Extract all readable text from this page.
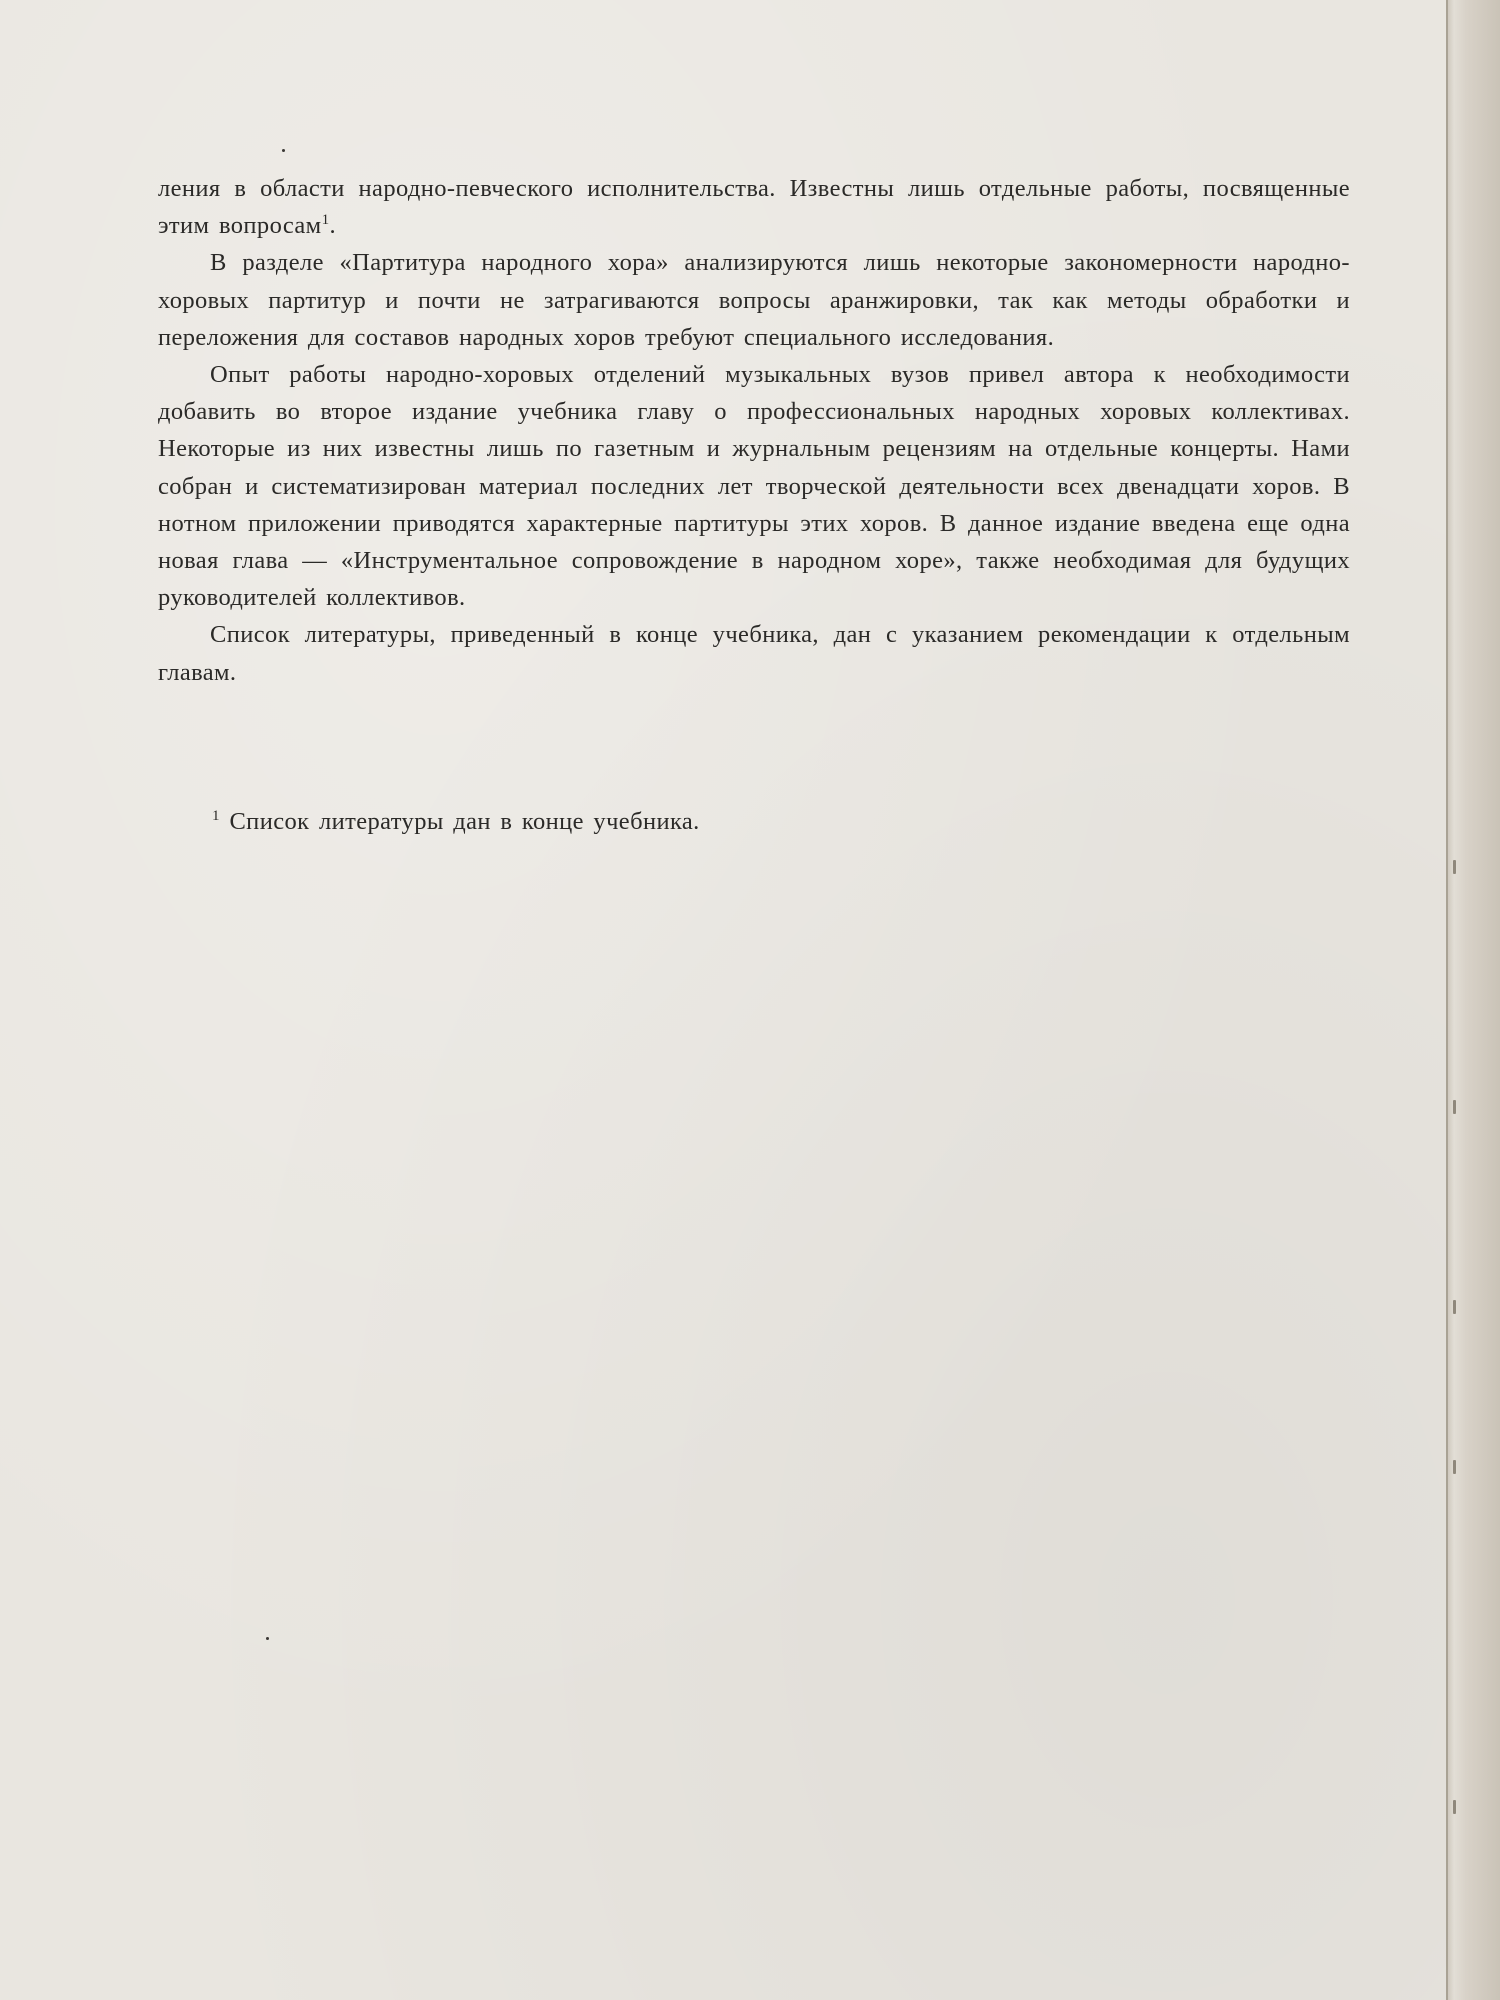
ления в области народно-певческого исполнительства. Известны лишь отдельные работы, посвященные этим вопросам$^1$.

В разделе «Партитура народного хора» анализируются лишь некоторые закономерности народно-хоровых партитур и почти не затрагиваются вопросы аранжировки, так как методы обработки и переложения для составов народных хоров требуют специального исследования.

Опыт работы народно-хоровых отделений музыкальных вузов привел автора к необходимости добавить во второе издание учебника главу о профессиональных народных хоровых коллективах. Некоторые из них известны лишь по газетным и журнальным рецензиям на отдельные концерты. Нами собран и систематизирован материал последних лет творческой деятельности всех двенадцати хоров. В нотном приложении приводятся характерные партитуры этих хоров. В данное издание введена еще одна новая глава — «Инструментальное сопровождение в народном хоре», также необходимая для будущих руководителей коллективов.

Список литературы, приведенный в конце учебника, дан с указанием рекомендации к отдельным главам.

$^1$ Список литературы дан в конце учебника.
